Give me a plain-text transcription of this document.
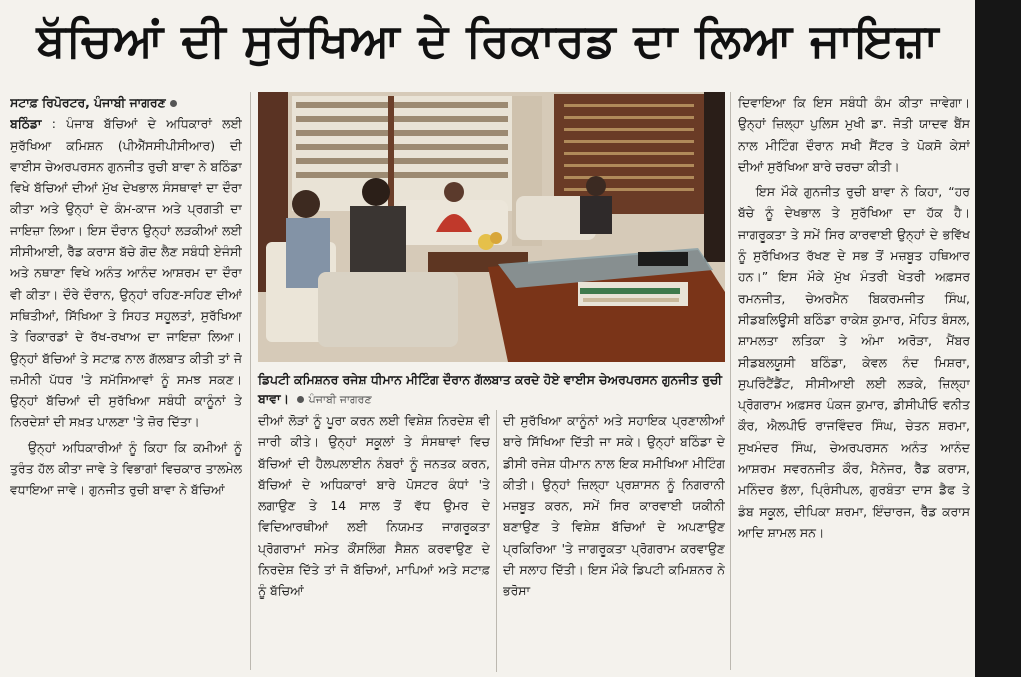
ਬੱਚਿਆਂ ਦੀ ਸੁਰੱਖਿਆ ਦੇ ਰਿਕਾਰਡ ਦਾ ਲਿਆ ਜਾਇਜ਼ਾ

ਸਟਾਫ਼ ਰਿਪੋਰਟਰ, ਪੰਜਾਬੀ ਜਾਗਰਣ
ਬਠਿੰਡਾ : ਪੰਜਾਬ ਬੱਚਿਆਂ ਦੇ ਅਧਿਕਾਰਾਂ ਲਈ ਸੁਰੱਖਿਆ ਕਮਿਸ਼ਨ (ਪੀਐੱਸਸੀਪੀਸੀਆਰ) ਦੀ ਵਾਈਸ ਚੇਅਰਪਰਸਨ ਗੁਨਜੀਤ ਰੁਚੀ ਬਾਵਾ ਨੇ ਬਠਿੰਡਾ ਵਿਖੇ ਬੱਚਿਆਂ ਦੀਆਂ ਮੁੱਖ ਦੇਖਭਾਲ ਸੰਸਥਾਵਾਂ ਦਾ ਦੌਰਾ ਕੀਤਾ ਅਤੇ ਉਨ੍ਹਾਂ ਦੇ ਕੰਮ-ਕਾਜ ਅਤੇ ਪ੍ਰਗਤੀ ਦਾ ਜਾਇਜ਼ਾ ਲਿਆ। ਇਸ ਦੌਰਾਨ ਉਨ੍ਹਾਂ ਲੜਕੀਆਂ ਲਈ ਸੀਸੀਆਈ, ਰੈੱਡ ਕਰਾਸ ਬੱਚੇ ਗੋਦ ਲੈਣ ਸਬੰਧੀ ਏਜੰਸੀ ਅਤੇ ਨਥਾਣਾ ਵਿਖੇ ਅਨੰਤ ਆਨੰਦ ਆਸ਼ਰਮ ਦਾ ਦੌਰਾ ਵੀ ਕੀਤਾ। ਦੌਰੇ ਦੌਰਾਨ, ਉਨ੍ਹਾਂ ਰਹਿਣ-ਸਹਿਣ ਦੀਆਂ ਸਥਿਤੀਆਂ, ਸਿੱਖਿਆ ਤੇ ਸਿਹਤ ਸਹੂਲਤਾਂ, ਸੁਰੱਖਿਆ ਤੇ ਰਿਕਾਰਡਾਂ ਦੇ ਰੱਖ-ਰਖਾਅ ਦਾ ਜਾਇਜ਼ਾ ਲਿਆ। ਉਨ੍ਹਾਂ ਬੱਚਿਆਂ ਤੇ ਸਟਾਫ਼ ਨਾਲ ਗੱਲਬਾਤ ਕੀਤੀ ਤਾਂ ਜੋ ਜ਼ਮੀਨੀ ਪੱਧਰ 'ਤੇ ਸਮੱਸਿਆਵਾਂ ਨੂੰ ਸਮਝ ਸਕਣ। ਉਨ੍ਹਾਂ ਬੱਚਿਆਂ ਦੀ ਸੁਰੱਖਿਆ ਸਬੰਧੀ ਕਾਨੂੰਨਾਂ ਤੇ ਨਿਰਦੇਸ਼ਾਂ ਦੀ ਸਖ਼ਤ ਪਾਲਣਾ 'ਤੇ ਜ਼ੋਰ ਦਿੱਤਾ।

ਉਨ੍ਹਾਂ ਅਧਿਕਾਰੀਆਂ ਨੂੰ ਕਿਹਾ ਕਿ ਕਮੀਆਂ ਨੂੰ ਤੁਰੰਤ ਹੱਲ ਕੀਤਾ ਜਾਵੇ ਤੇ ਵਿਭਾਗਾਂ ਵਿਚਕਾਰ ਤਾਲਮੇਲ ਵਧਾਇਆ ਜਾਵੇ। ਗੁਨਜੀਤ ਰੁਚੀ ਬਾਵਾ ਨੇ ਬੱਚਿਆਂ

ਡਿਪਟੀ ਕਮਿਸ਼ਨਰ ਰਜੇਸ਼ ਧੀਮਾਨ ਮੀਟਿੰਗ ਦੌਰਾਨ ਗੱਲਬਾਤ ਕਰਦੇ ਹੋਏ ਵਾਈਸ ਚੇਅਰਪਰਸਨ ਗੁਨਜੀਤ ਰੁਚੀ ਬਾਵਾ। ਪੰਜਾਬੀ ਜਾਗਰਣ

ਦੀਆਂ ਲੋੜਾਂ ਨੂੰ ਪੂਰਾ ਕਰਨ ਲਈ ਵਿਸ਼ੇਸ਼ ਨਿਰਦੇਸ਼ ਵੀ ਜਾਰੀ ਕੀਤੇ। ਉਨ੍ਹਾਂ ਸਕੂਲਾਂ ਤੇ ਸੰਸਥਾਵਾਂ ਵਿਚ ਬੱਚਿਆਂ ਦੀ ਹੈਲਪਲਾਈਨ ਨੰਬਰਾਂ ਨੂੰ ਜਨਤਕ ਕਰਨ, ਬੱਚਿਆਂ ਦੇ ਅਧਿਕਾਰਾਂ ਬਾਰੇ ਪੋਸਟਰ ਕੰਧਾਂ 'ਤੇ ਲਗਾਉਣ ਤੇ 14 ਸਾਲ ਤੋਂ ਵੱਧ ਉਮਰ ਦੇ ਵਿਦਿਆਰਥੀਆਂ ਲਈ ਨਿਯਮਤ ਜਾਗਰੂਕਤਾ ਪ੍ਰੋਗਰਾਮਾਂ ਸਮੇਤ ਕੌਂਸਲਿੰਗ ਸੈਸ਼ਨ ਕਰਵਾਉਣ ਦੇ ਨਿਰਦੇਸ਼ ਦਿੱਤੇ ਤਾਂ ਜੋ ਬੱਚਿਆਂ, ਮਾਪਿਆਂ ਅਤੇ ਸਟਾਫ਼ ਨੂੰ ਬੱਚਿਆਂ

ਦੀ ਸੁਰੱਖਿਆ ਕਾਨੂੰਨਾਂ ਅਤੇ ਸਹਾਇਕ ਪ੍ਰਣਾਲੀਆਂ ਬਾਰੇ ਸਿੱਖਿਆ ਦਿੱਤੀ ਜਾ ਸਕੇ। ਉਨ੍ਹਾਂ ਬਠਿੰਡਾ ਦੇ ਡੀਸੀ ਰਜੇਸ਼ ਧੀਮਾਨ ਨਾਲ ਇਕ ਸਮੀਖਿਆ ਮੀਟਿੰਗ ਕੀਤੀ। ਉਨ੍ਹਾਂ ਜ਼ਿਲ੍ਹਾ ਪ੍ਰਸ਼ਾਸਨ ਨੂੰ ਨਿਗਰਾਨੀ ਮਜ਼ਬੂਤ ਕਰਨ, ਸਮੇਂ ਸਿਰ ਕਾਰਵਾਈ ਯਕੀਨੀ ਬਣਾਉਣ ਤੇ ਵਿਸ਼ੇਸ਼ ਬੱਚਿਆਂ ਦੇ ਅਪਣਾਉਣ ਪ੍ਰਕਿਰਿਆ 'ਤੇ ਜਾਗਰੂਕਤਾ ਪ੍ਰੋਗਰਾਮ ਕਰਵਾਉਣ ਦੀ ਸਲਾਹ ਦਿੱਤੀ। ਇਸ ਮੌਕੇ ਡਿਪਟੀ ਕਮਿਸ਼ਨਰ ਨੇ ਭਰੋਸਾ

ਦਿਵਾਇਆ ਕਿ ਇਸ ਸਬੰਧੀ ਕੰਮ ਕੀਤਾ ਜਾਵੇਗਾ। ਉਨ੍ਹਾਂ ਜ਼ਿਲ੍ਹਾ ਪੁਲਿਸ ਮੁਖੀ ਡਾ. ਜੋਤੀ ਯਾਦਵ ਬੈਂਸ ਨਾਲ ਮੀਟਿੰਗ ਦੌਰਾਨ ਸਖੀ ਸੈਂਟਰ ਤੇ ਪੋਕਸੋ ਕੇਸਾਂ ਦੀਆਂ ਸੁਰੱਖਿਆ ਬਾਰੇ ਚਰਚਾ ਕੀਤੀ।

ਇਸ ਮੌਕੇ ਗੁਨਜੀਤ ਰੁਚੀ ਬਾਵਾ ਨੇ ਕਿਹਾ, “ਹਰ ਬੱਚੇ ਨੂੰ ਦੇਖਭਾਲ ਤੇ ਸੁਰੱਖਿਆ ਦਾ ਹੱਕ ਹੈ। ਜਾਗਰੂਕਤਾ ਤੇ ਸਮੇਂ ਸਿਰ ਕਾਰਵਾਈ ਉਨ੍ਹਾਂ ਦੇ ਭਵਿੱਖ ਨੂੰ ਸੁਰੱਖਿਅਤ ਰੱਖਣ ਦੇ ਸਭ ਤੋਂ ਮਜ਼ਬੂਤ ਹਥਿਆਰ ਹਨ।” ਇਸ ਮੌਕੇ ਮੁੱਖ ਮੰਤਰੀ ਖੇਤਰੀ ਅਫ਼ਸਰ ਰਮਨਜੀਤ, ਚੇਅਰਮੈਨ ਬਿਕਰਮਜੀਤ ਸਿੰਘ, ਸੀਡਬਲਿਊਸੀ ਬਠਿੰਡਾ ਰਾਕੇਸ਼ ਕੁਮਾਰ, ਮੋਹਿਤ ਬੰਸਲ, ਸ਼ਾਮਲਤਾ ਲਤਿਕਾ ਤੇ ਅੰਮਾ ਅਰੋੜਾ, ਮੈਂਬਰ ਸੀਡਬਲਯੂਸੀ ਬਠਿੰਡਾ, ਕੇਵਲ ਨੰਦ ਮਿਸ਼ਰਾ, ਸੁਪਰਿੰਟੈਂਡੈਂਟ, ਸੀਸੀਆਈ ਲਈ ਲੜਕੇ, ਜ਼ਿਲ੍ਹਾ ਪ੍ਰੋਗਰਾਮ ਅਫ਼ਸਰ ਪੰਕਜ ਕੁਮਾਰ, ਡੀਸੀਪੀਓ ਵਨੀਤ ਕੌਰ, ਐਲਪੀਓ ਰਾਜਵਿੰਦਰ ਸਿੰਘ, ਚੇਤਨ ਸ਼ਰਮਾ, ਸੁਖਮੰਦਰ ਸਿੰਘ, ਚੇਅਰਪਰਸਨ ਅਨੰਤ ਆਨੰਦ ਆਸ਼ਰਮ ਸਵਰਨਜੀਤ ਕੌਰ, ਮੈਨੇਜਰ, ਰੈੱਡ ਕਰਾਸ, ਮਨਿੰਦਰ ਭੱਲਾ, ਪ੍ਰਿੰਸੀਪਲ, ਗੁਰਬੰਤਾ ਦਾਸ ਡੈਫ ਤੇ ਡੰਬ ਸਕੂਲ, ਦੀਪਿਕਾ ਸ਼ਰਮਾ, ਇੰਚਾਰਜ, ਰੈੱਡ ਕਰਾਸ ਆਦਿ ਸ਼ਾਮਲ ਸਨ।
